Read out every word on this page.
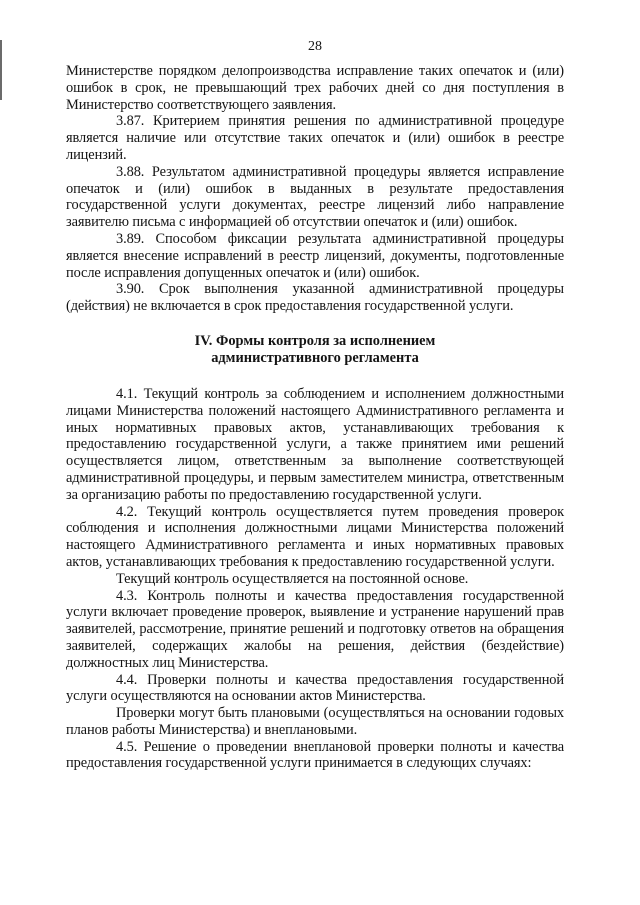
28

Министерстве порядком делопроизводства исправление таких опечаток и (или) ошибок в срок, не превышающий трех рабочих дней со дня поступления в Министерство соответствующего заявления.

3.87. Критерием принятия решения по административной процедуре является наличие или отсутствие таких опечаток и (или) ошибок в реестре лицензий.

3.88. Результатом административной процедуры является исправление опечаток и (или) ошибок в выданных в результате предоставления государственной услуги документах, реестре лицензий либо направление заявителю письма с информацией об отсутствии опечаток и (или) ошибок.

3.89. Способом фиксации результата административной процедуры является внесение исправлений в реестр лицензий, документы, подготовленные после исправления допущенных опечаток и (или) ошибок.

3.90. Срок выполнения указанной административной процедуры (действия) не включается в срок предоставления государственной услуги.

IV. Формы контроля за исполнением
административного регламента

4.1. Текущий контроль за соблюдением и исполнением должностными лицами Министерства положений настоящего Административного регламента и иных нормативных правовых актов, устанавливающих требования к предоставлению государственной услуги, а также принятием ими решений осуществляется лицом, ответственным за выполнение соответствующей административной процедуры, и первым заместителем министра, ответственным за организацию работы по предоставлению государственной услуги.

4.2. Текущий контроль осуществляется путем проведения проверок соблюдения и исполнения должностными лицами Министерства положений настоящего Административного регламента и иных нормативных правовых актов, устанавливающих требования к предоставлению государственной услуги.

Текущий контроль осуществляется на постоянной основе.

4.3. Контроль полноты и качества предоставления государственной услуги включает проведение проверок, выявление и устранение нарушений прав заявителей, рассмотрение, принятие решений и подготовку ответов на обращения заявителей, содержащих жалобы на решения, действия (бездействие) должностных лиц Министерства.

4.4. Проверки полноты и качества предоставления государственной услуги осуществляются на основании актов Министерства.

Проверки могут быть плановыми (осуществляться на основании годовых планов работы Министерства) и внеплановыми.

4.5. Решение о проведении внеплановой проверки полноты и качества предоставления государственной услуги принимается в следующих случаях:
